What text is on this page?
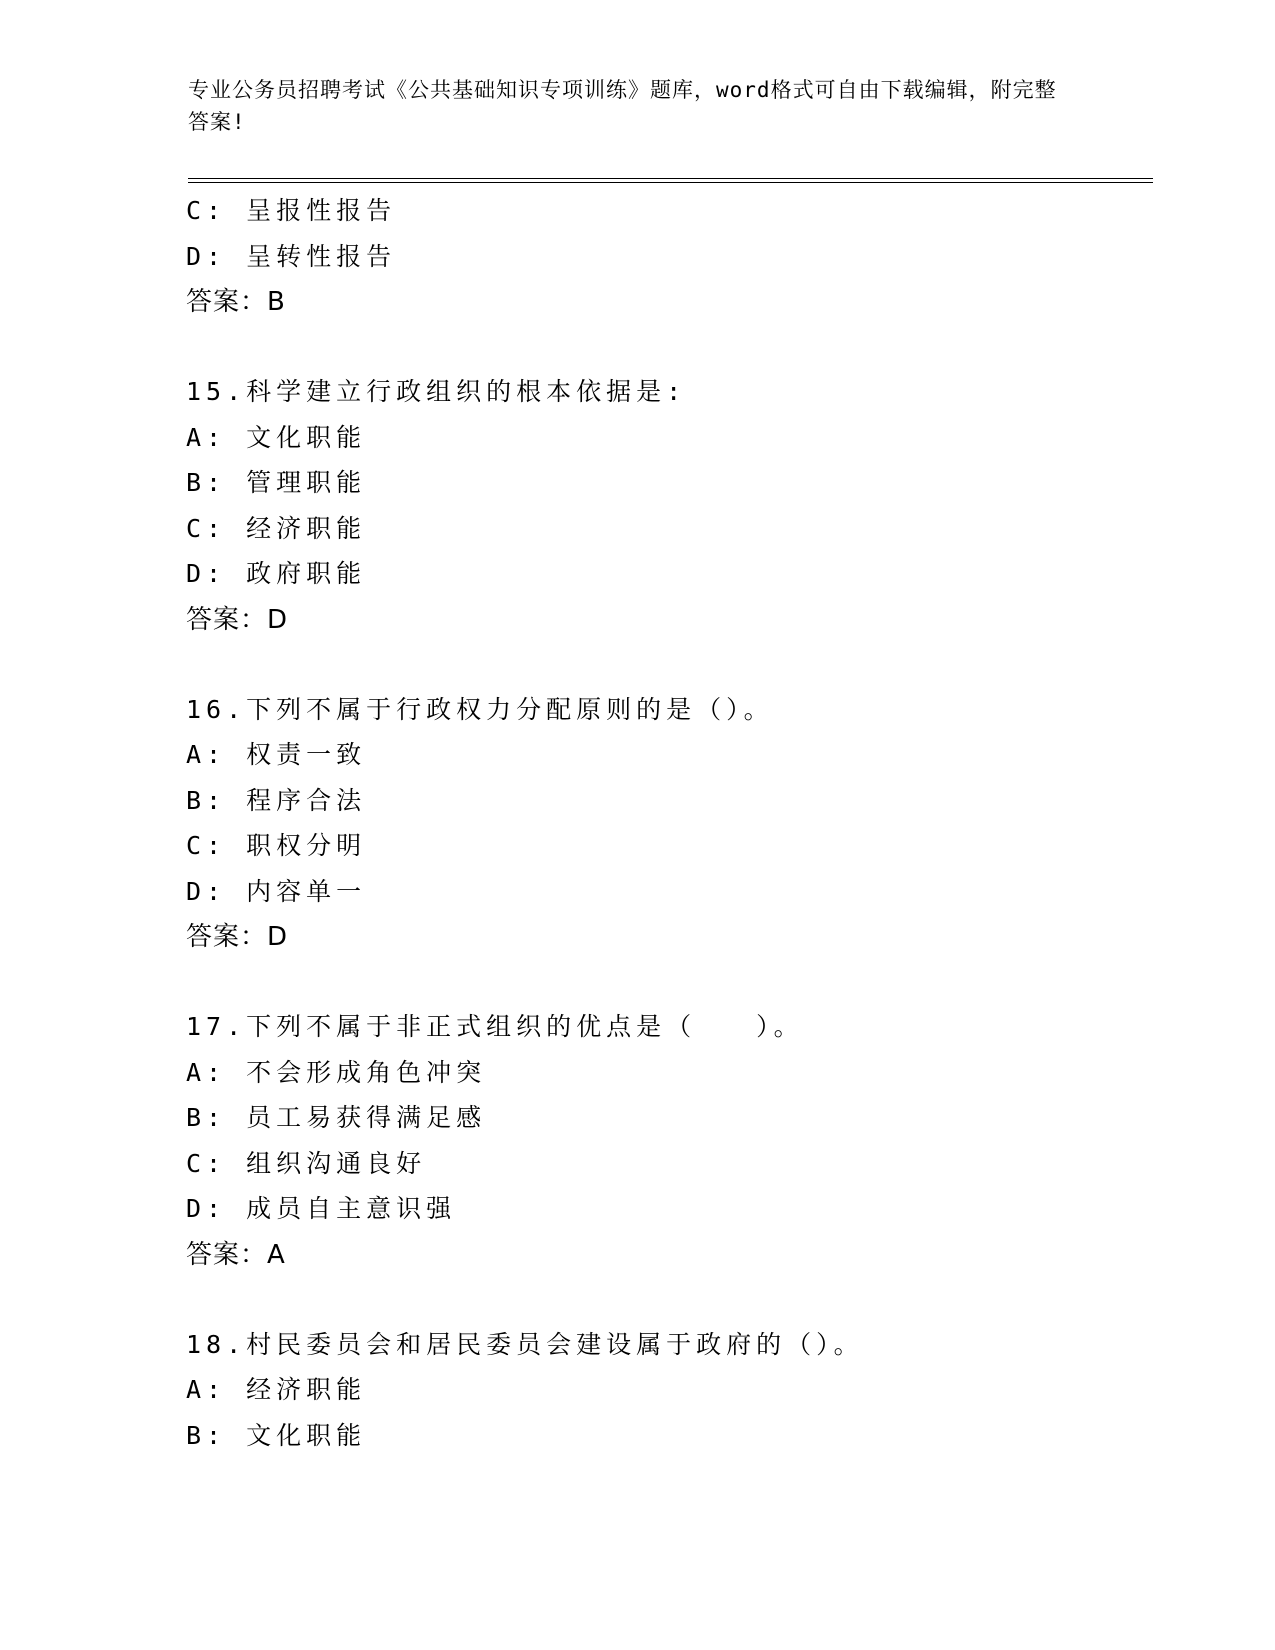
专业公务员招聘考试《公共基础知识专项训练》题库，word格式可自由下载编辑，附完整答案!
C: 呈报性报告
D: 呈转性报告
答案：B
15.科学建立行政组织的根本依据是:
A: 文化职能
B: 管理职能
C: 经济职能
D: 政府职能
答案：D
16.下列不属于行政权力分配原则的是（）。
A: 权责一致
B: 程序合法
C: 职权分明
D: 内容单一
答案：D
17.下列不属于非正式组织的优点是（　　）。
A: 不会形成角色冲突
B: 员工易获得满足感
C: 组织沟通良好
D: 成员自主意识强
答案：A
18.村民委员会和居民委员会建设属于政府的（）。
A: 经济职能
B: 文化职能
